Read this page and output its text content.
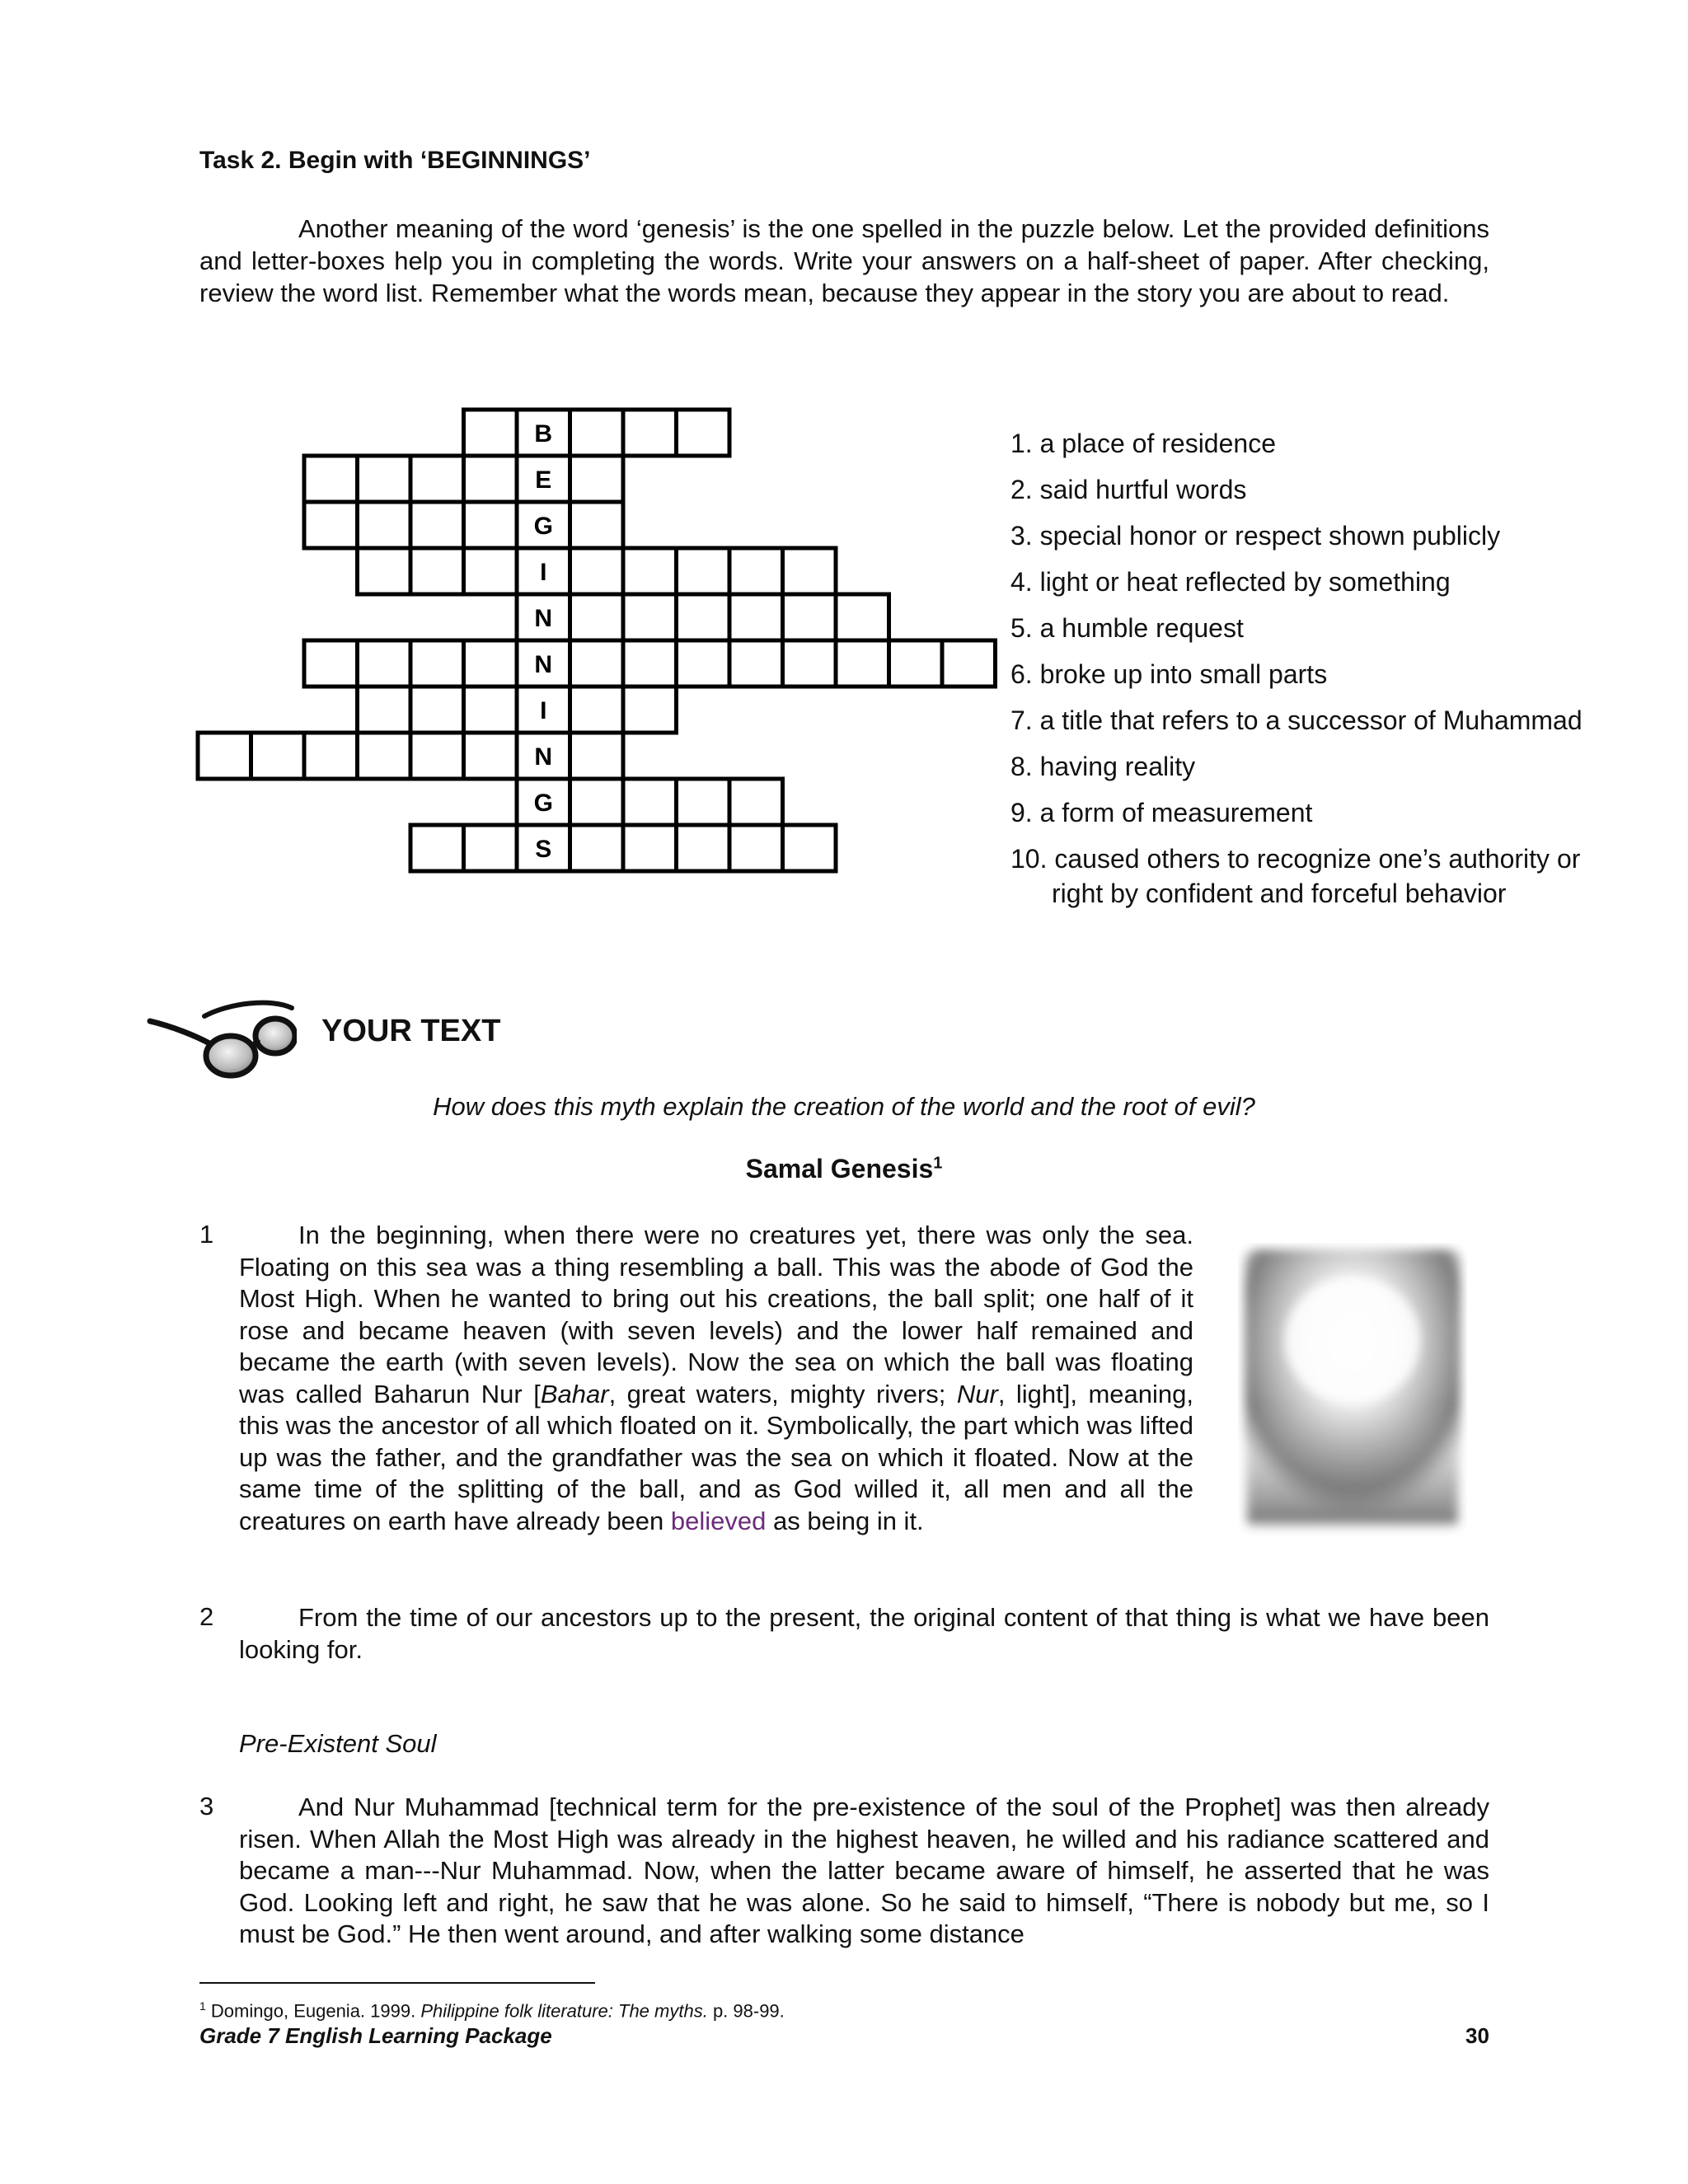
Task 2. Begin with ‘BEGINNINGS’
Another meaning of the word ‘genesis’ is the one spelled in the puzzle below. Let the provided definitions and letter-boxes help you in completing the words. Write your answers on a half-sheet of paper. After checking, review the word list. Remember what the words mean, because they appear in the story you are about to read.
B
E
G
I
N
N
I
N
G
S
1. a place of residence
2. said hurtful words
3. special honor or respect shown publicly
4. light or heat reflected by something
5. a humble request
6. broke up into small parts
7. a title that refers to a successor of Muhammad
8. having reality
9. a form of measurement
10. caused others to recognize one’s authority or
right by confident and forceful behavior
YOUR TEXT
How does this myth explain the creation of the world and the root of evil?
Samal Genesis$^1$
1	In the beginning, when there were no creatures yet, there was only the sea. Floating on this sea was a thing resembling a ball. This was the abode of God the Most High. When he wanted to bring out his creations, the ball split; one half of it rose and became heaven (with seven levels) and the lower half remained and became the earth (with seven levels). Now the sea on which the ball was floating was called Baharun Nur [Bahar, great waters, mighty rivers; Nur, light], meaning, this was the ancestor of all which floated on it. Symbolically, the part which was lifted up was the father, and the grandfather was the sea on which it floated. Now at the same time of the splitting of the ball, and as God willed it, all men and all the creatures on earth have already been believed as being in it.
2	From the time of our ancestors up to the present, the original content of that thing is what we have been looking for.
Pre-Existent Soul
3	And Nur Muhammad [technical term for the pre-existence of the soul of the Prophet] was then already risen. When Allah the Most High was already in the highest heaven, he willed and his radiance scattered and became a man---Nur Muhammad. Now, when the latter became aware of himself, he asserted that he was God. Looking left and right, he saw that he was alone. So he said to himself, “There is nobody but me, so I must be God.” He then went around, and after walking some distance
$^1$ Domingo, Eugenia. 1999. Philippine folk literature: The myths. p. 98-99.
Grade 7 English Learning Package	30
